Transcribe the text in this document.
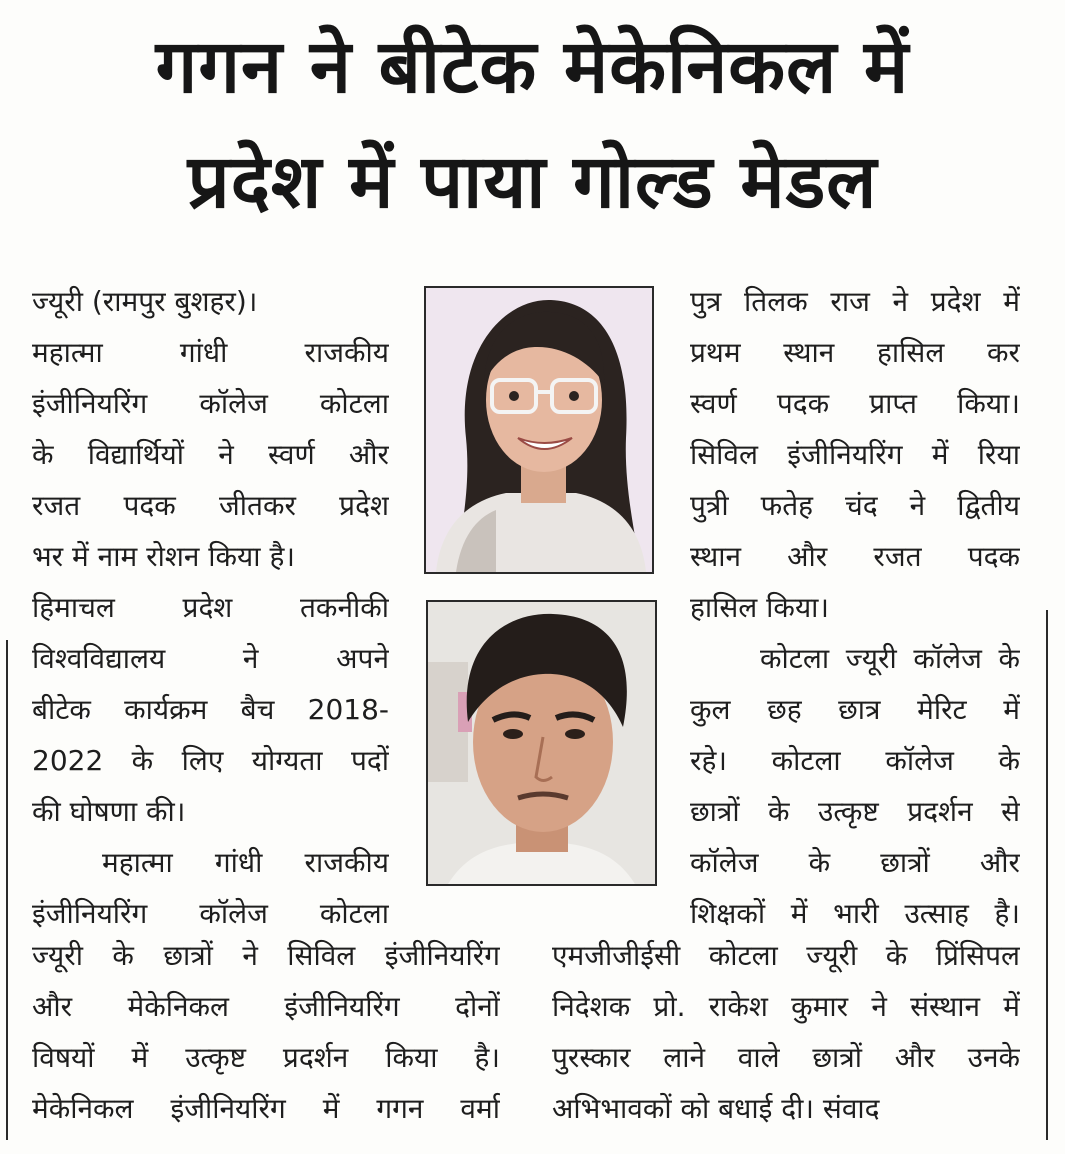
गगन ने बीटेक मेकेनिकल में
प्रदेश में पाया गोल्ड मेडल
ज्यूरी (रामपुर बुशहर)।
महात्मा गांधी राजकीय
इंजीनियरिंग कॉलेज कोटला
के विद्यार्थियों ने स्वर्ण और
रजत पदक जीतकर प्रदेश
भर में नाम रोशन किया है।
हिमाचल प्रदेश तकनीकी
विश्वविद्यालय ने अपने
बीटेक कार्यक्रम बैच 2018-
2022 के लिए योग्यता पदों
की घोषणा की।
महात्मा गांधी राजकीय
इंजीनियरिंग कॉलेज कोटला
ज्यूरी के छात्रों ने सिविल इंजीनियरिंग
और मेकेनिकल इंजीनियरिंग दोनों
विषयों में उत्कृष्ट प्रदर्शन किया है।
मेकेनिकल इंजीनियरिंग में गगन वर्मा
पुत्र तिलक राज ने प्रदेश में
प्रथम स्थान हासिल कर
स्वर्ण पदक प्राप्त किया।
सिविल इंजीनियरिंग में रिया
पुत्री फतेह चंद ने द्वितीय
स्थान और रजत पदक
हासिल किया।
कोटला ज्यूरी कॉलेज के
कुल छह छात्र मेरिट में
रहे। कोटला कॉलेज के
छात्रों के उत्कृष्ट प्रदर्शन से
कॉलेज के छात्रों और
शिक्षकों में भारी उत्साह है।
एमजीजीईसी कोटला ज्यूरी के प्रिंसिपल
निदेशक प्रो. राकेश कुमार ने संस्थान में
पुरस्कार लाने वाले छात्रों और उनके
अभिभावकों को बधाई दी। संवाद
